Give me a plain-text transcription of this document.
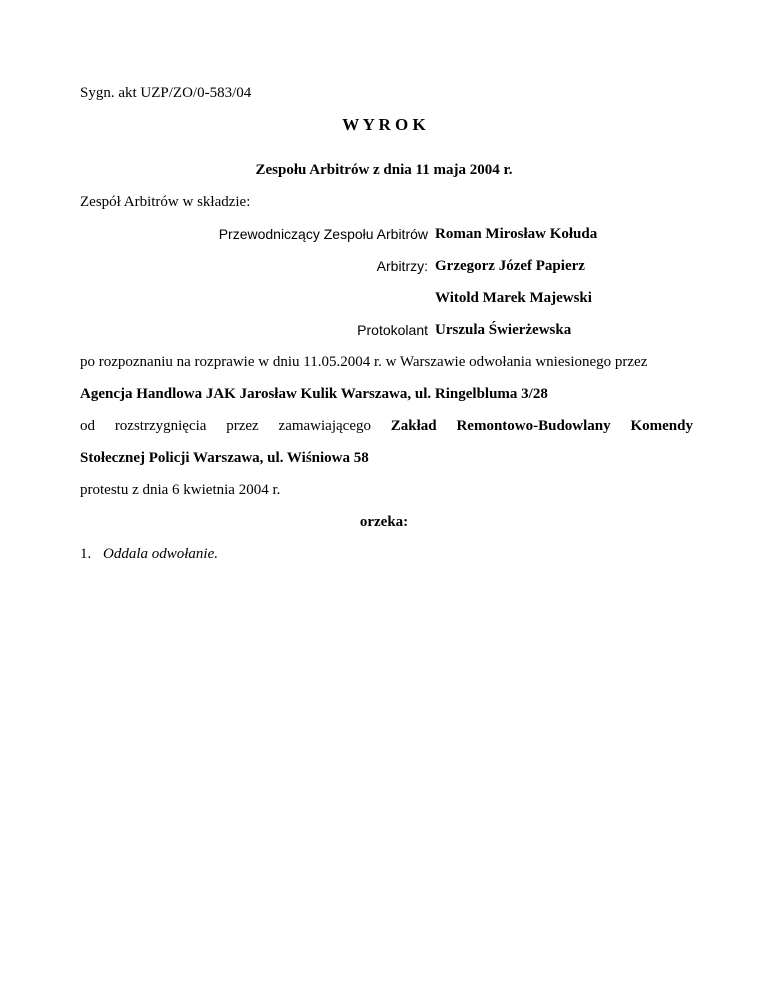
Sygn. akt UZP/ZO/0-583/04
W Y R O K
Zespołu Arbitrów z dnia 11 maja 2004 r.
Zespół Arbitrów w składzie:
Przewodniczący Zespołu Arbitrów Roman Mirosław Kołuda
Arbitrzy: Grzegorz Józef Papierz
Witold Marek Majewski
Protokolant Urszula Świerżewska
po rozpoznaniu na rozprawie w dniu 11.05.2004 r. w Warszawie odwołania wniesionego przez
Agencja Handlowa JAK Jarosław Kulik Warszawa, ul. Ringelbluma 3/28
od rozstrzygnięcia przez zamawiającego Zakład Remontowo-Budowlany Komendy
Stołecznej Policji Warszawa, ul. Wiśniowa 58
protestu z dnia 6 kwietnia 2004 r.
orzeka:
1. Oddala odwołanie.
